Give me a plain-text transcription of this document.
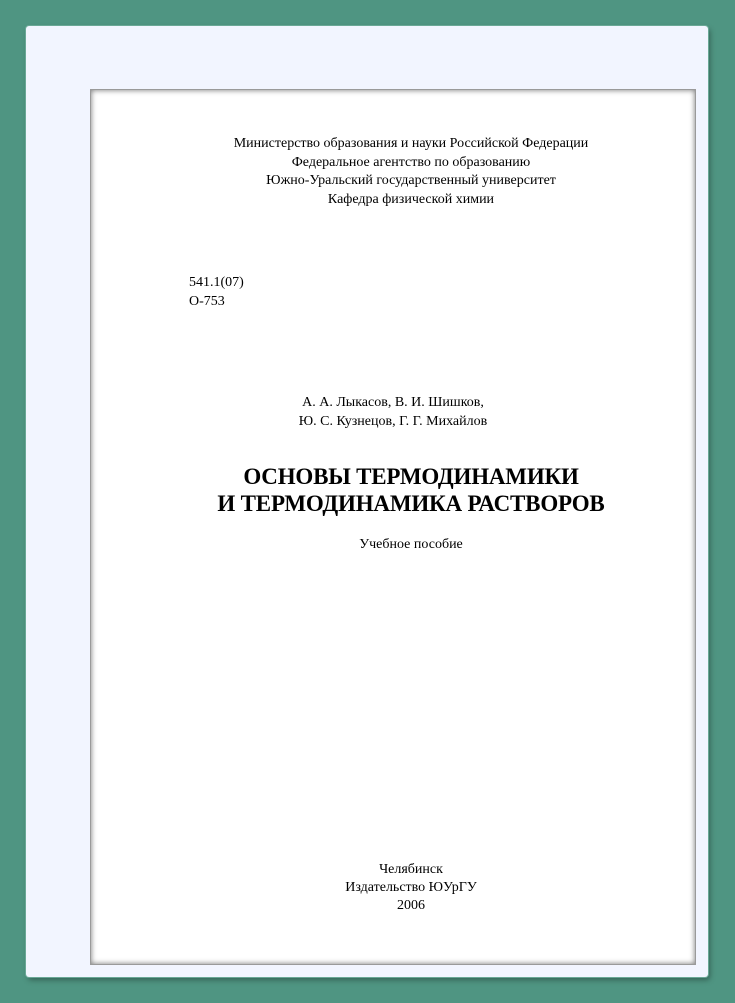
Министерство образования и науки Российской Федерации
Федеральное агентство по образованию
Южно-Уральский государственный университет
Кафедра физической химии
541.1(07)
О-753
А. А. Лыкасов, В. И. Шишков,
Ю. С. Кузнецов, Г. Г. Михайлов
ОСНОВЫ ТЕРМОДИНАМИКИ
И ТЕРМОДИНАМИКА РАСТВОРОВ
Учебное пособие
Челябинск
Издательство ЮУрГУ
2006
